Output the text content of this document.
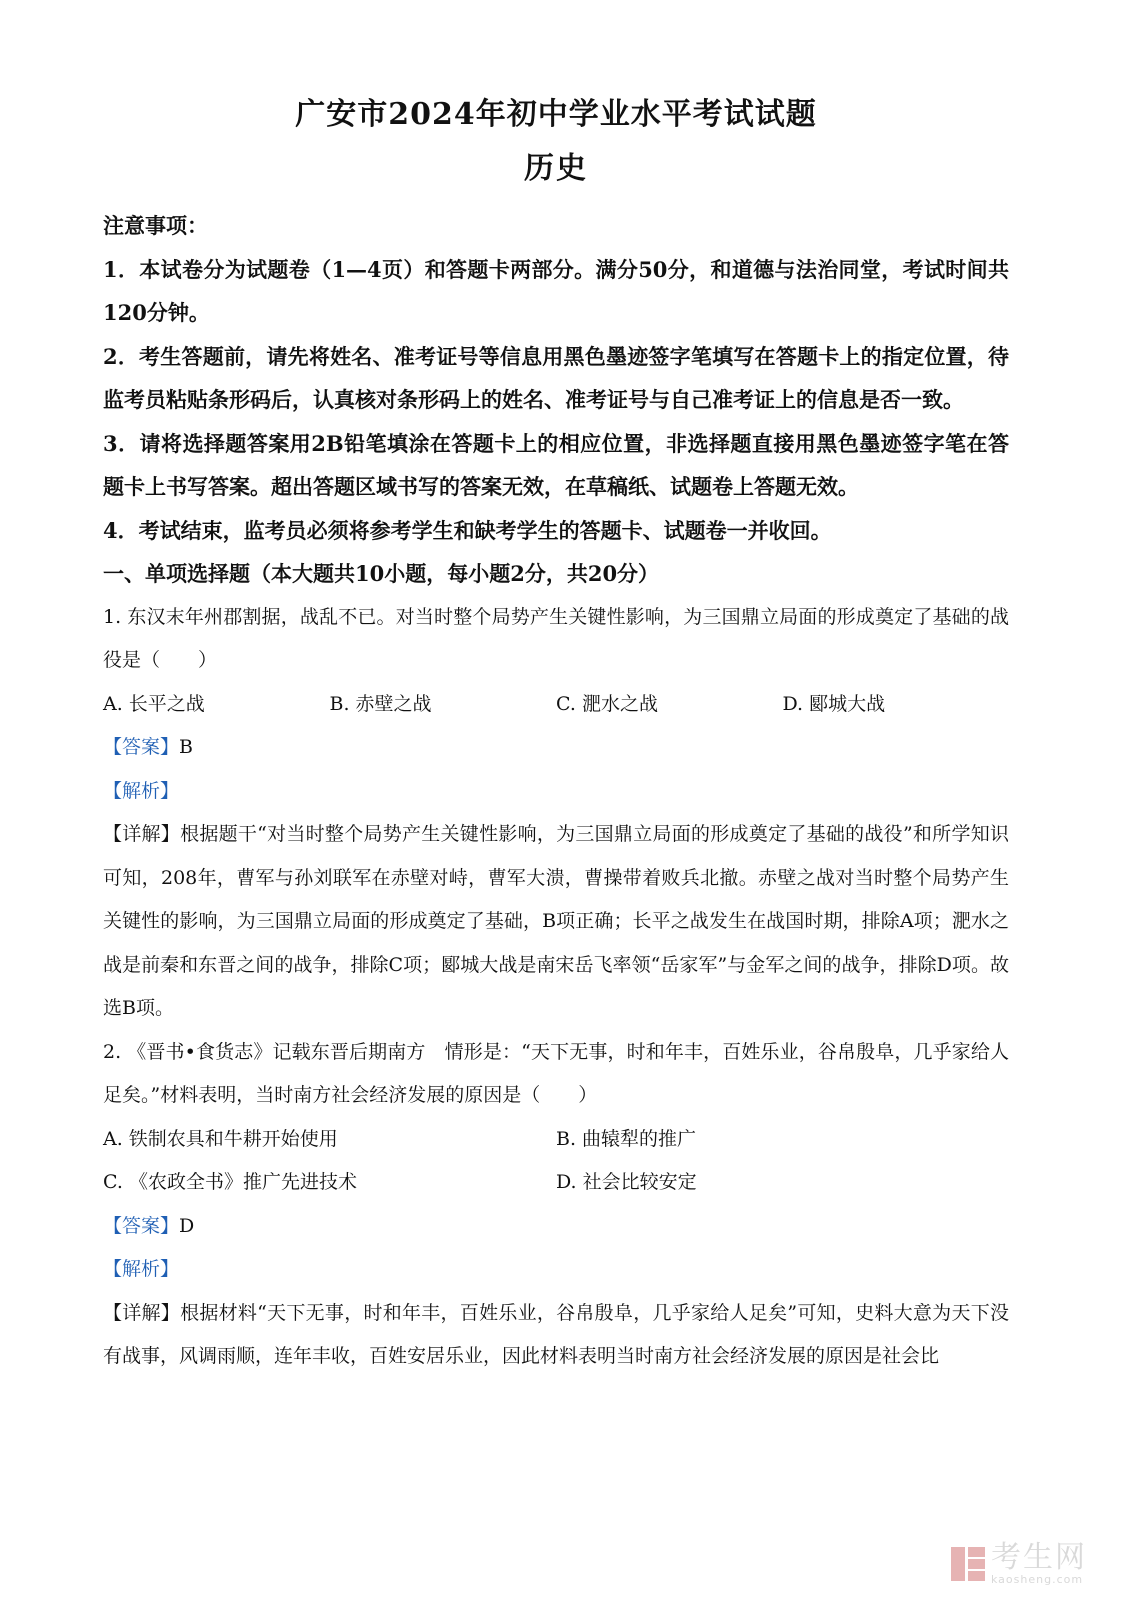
广安市2024年初中学业水平考试试题
历史

注意事项：

1．本试卷分为试题卷（1—4页）和答题卡两部分。满分50分，和道德与法治同堂，考试时间共120分钟。

2．考生答题前，请先将姓名、准考证号等信息用黑色墨迹签字笔填写在答题卡上的指定位置，待监考员粘贴条形码后，认真核对条形码上的姓名、准考证号与自己准考证上的信息是否一致。

3．请将选择题答案用2B铅笔填涂在答题卡上的相应位置，非选择题直接用黑色墨迹签字笔在答题卡上书写答案。超出答题区域书写的答案无效，在草稿纸、试题卷上答题无效。

4．考试结束，监考员必须将参考学生和缺考学生的答题卡、试题卷一并收回。

一、单项选择题（本大题共10小题，每小题2分，共20分）

1. 东汉末年州郡割据，战乱不已。对当时整个局势产生关键性影响，为三国鼎立局面的形成奠定了基础的战役是（　　）

A. 长平之战	B. 赤壁之战	C. 淝水之战	D. 郾城大战

【答案】B

【解析】

【详解】根据题干“对当时整个局势产生关键性影响，为三国鼎立局面的形成奠定了基础的战役”和所学知识可知，208年，曹军与孙刘联军在赤壁对峙，曹军大溃，曹操带着败兵北撤。赤壁之战对当时整个局势产生关键性的影响，为三国鼎立局面的形成奠定了基础，B项正确；长平之战发生在战国时期，排除A项；淝水之战是前秦和东晋之间的战争，排除C项；郾城大战是南宋岳飞率领“岳家军”与金军之间的战争，排除D项。故选B项。

2. 《晋书•食货志》记载东晋后期南方　情形是：“天下无事，时和年丰，百姓乐业，谷帛殷阜，几乎家给人足矣。”材料表明，当时南方社会经济发展的原因是（　　）

A. 铁制农具和牛耕开始使用	B. 曲辕犁的推广
C. 《农政全书》推广先进技术	D. 社会比较安定

【答案】D

【解析】

【详解】根据材料“天下无事，时和年丰，百姓乐业，谷帛殷阜，几乎家给人足矣”可知，史料大意为天下没有战事，风调雨顺，连年丰收，百姓安居乐业，因此材料表明当时南方社会经济发展的原因是社会比

考生网
kaosheng.com
